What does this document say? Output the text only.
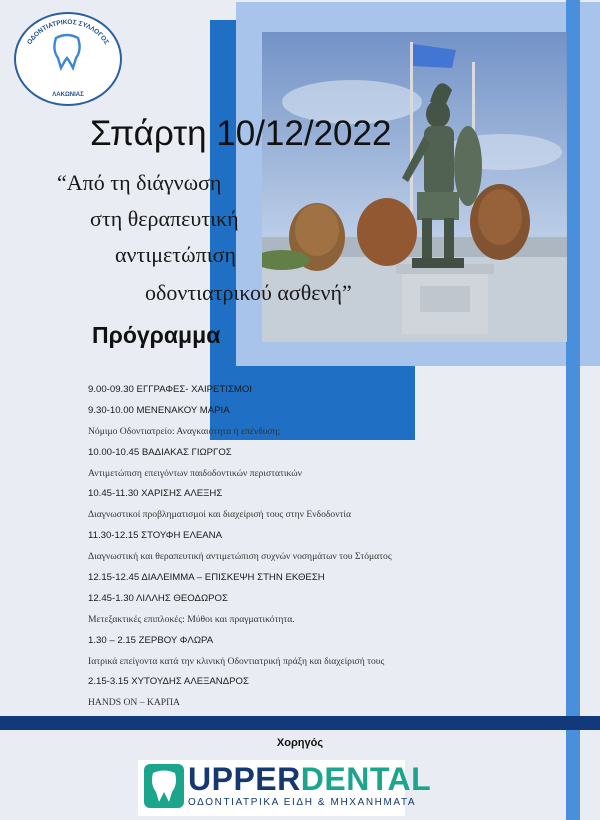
ΟΔΟΝΤΙΑΤΡΙΚΟΣ ΣΥΛΛΟΓΟΣ
ΛΑΚΩΝΙΑΣ
Σπάρτη 10/12/2022
“Από τη διάγνωση
στη θεραπευτική
αντιμετώπιση
οδοντιατρικού ασθενή”
Πρόγραμμα
9.00-09.30 ΕΓΓΡΑΦΕΣ- ΧΑΙΡΕΤΙΣΜΟΙ
9.30-10.00 ΜΕΝΕΝΑΚΟΥ ΜΑΡΙΑ
Νόμιμο Οδοντιατρείο: Αναγκαιότητα ή επένδυση;
10.00-10.45 ΒΑΔΙΑΚΑΣ ΓΙΩΡΓΟΣ
Αντιμετώπιση επειγόντων παιδοδοντικών περιστατικών
10.45-11.30 ΧΑΡΙΣΗΣ ΑΛΕΞΗΣ
Διαγνωστικοί προβληματισμοί και διαχείρισή τους στην Ενδοδοντία
11.30-12.15 ΣΤΟΥΦΗ ΕΛΕΑΝΑ
Διαγνωστική και θεραπευτική αντιμετώπιση συχνών νοσημάτων του Στόματος
12.15-12.45 ΔΙΑΛΕΙΜΜΑ – ΕΠΙΣΚΕΨΗ ΣΤΗΝ ΕΚΘΕΣΗ
12.45-1.30 ΛΙΛΛΗΣ ΘΕΟΔΩΡΟΣ
Μετεξακτικές επιπλοκές: Μύθοι και πραγματικότητα.
1.30 – 2.15 ΖΕΡΒΟΥ ΦΛΩΡΑ
Ιατρικά επείγοντα κατά την κλινική Οδοντιατρική πράξη και διαχείρισή τους
2.15-3.15 ΧΥΤΟΥΔΗΣ ΑΛΕΞΑΝΔΡΟΣ
HANDS ON – ΚΑΡΠΑ
Χορηγός
UPPERDENTAL
ΟΔΟΝΤΙΑΤΡΙΚΑ ΕΙΔΗ & ΜΗΧΑΝΗΜΑΤΑ
